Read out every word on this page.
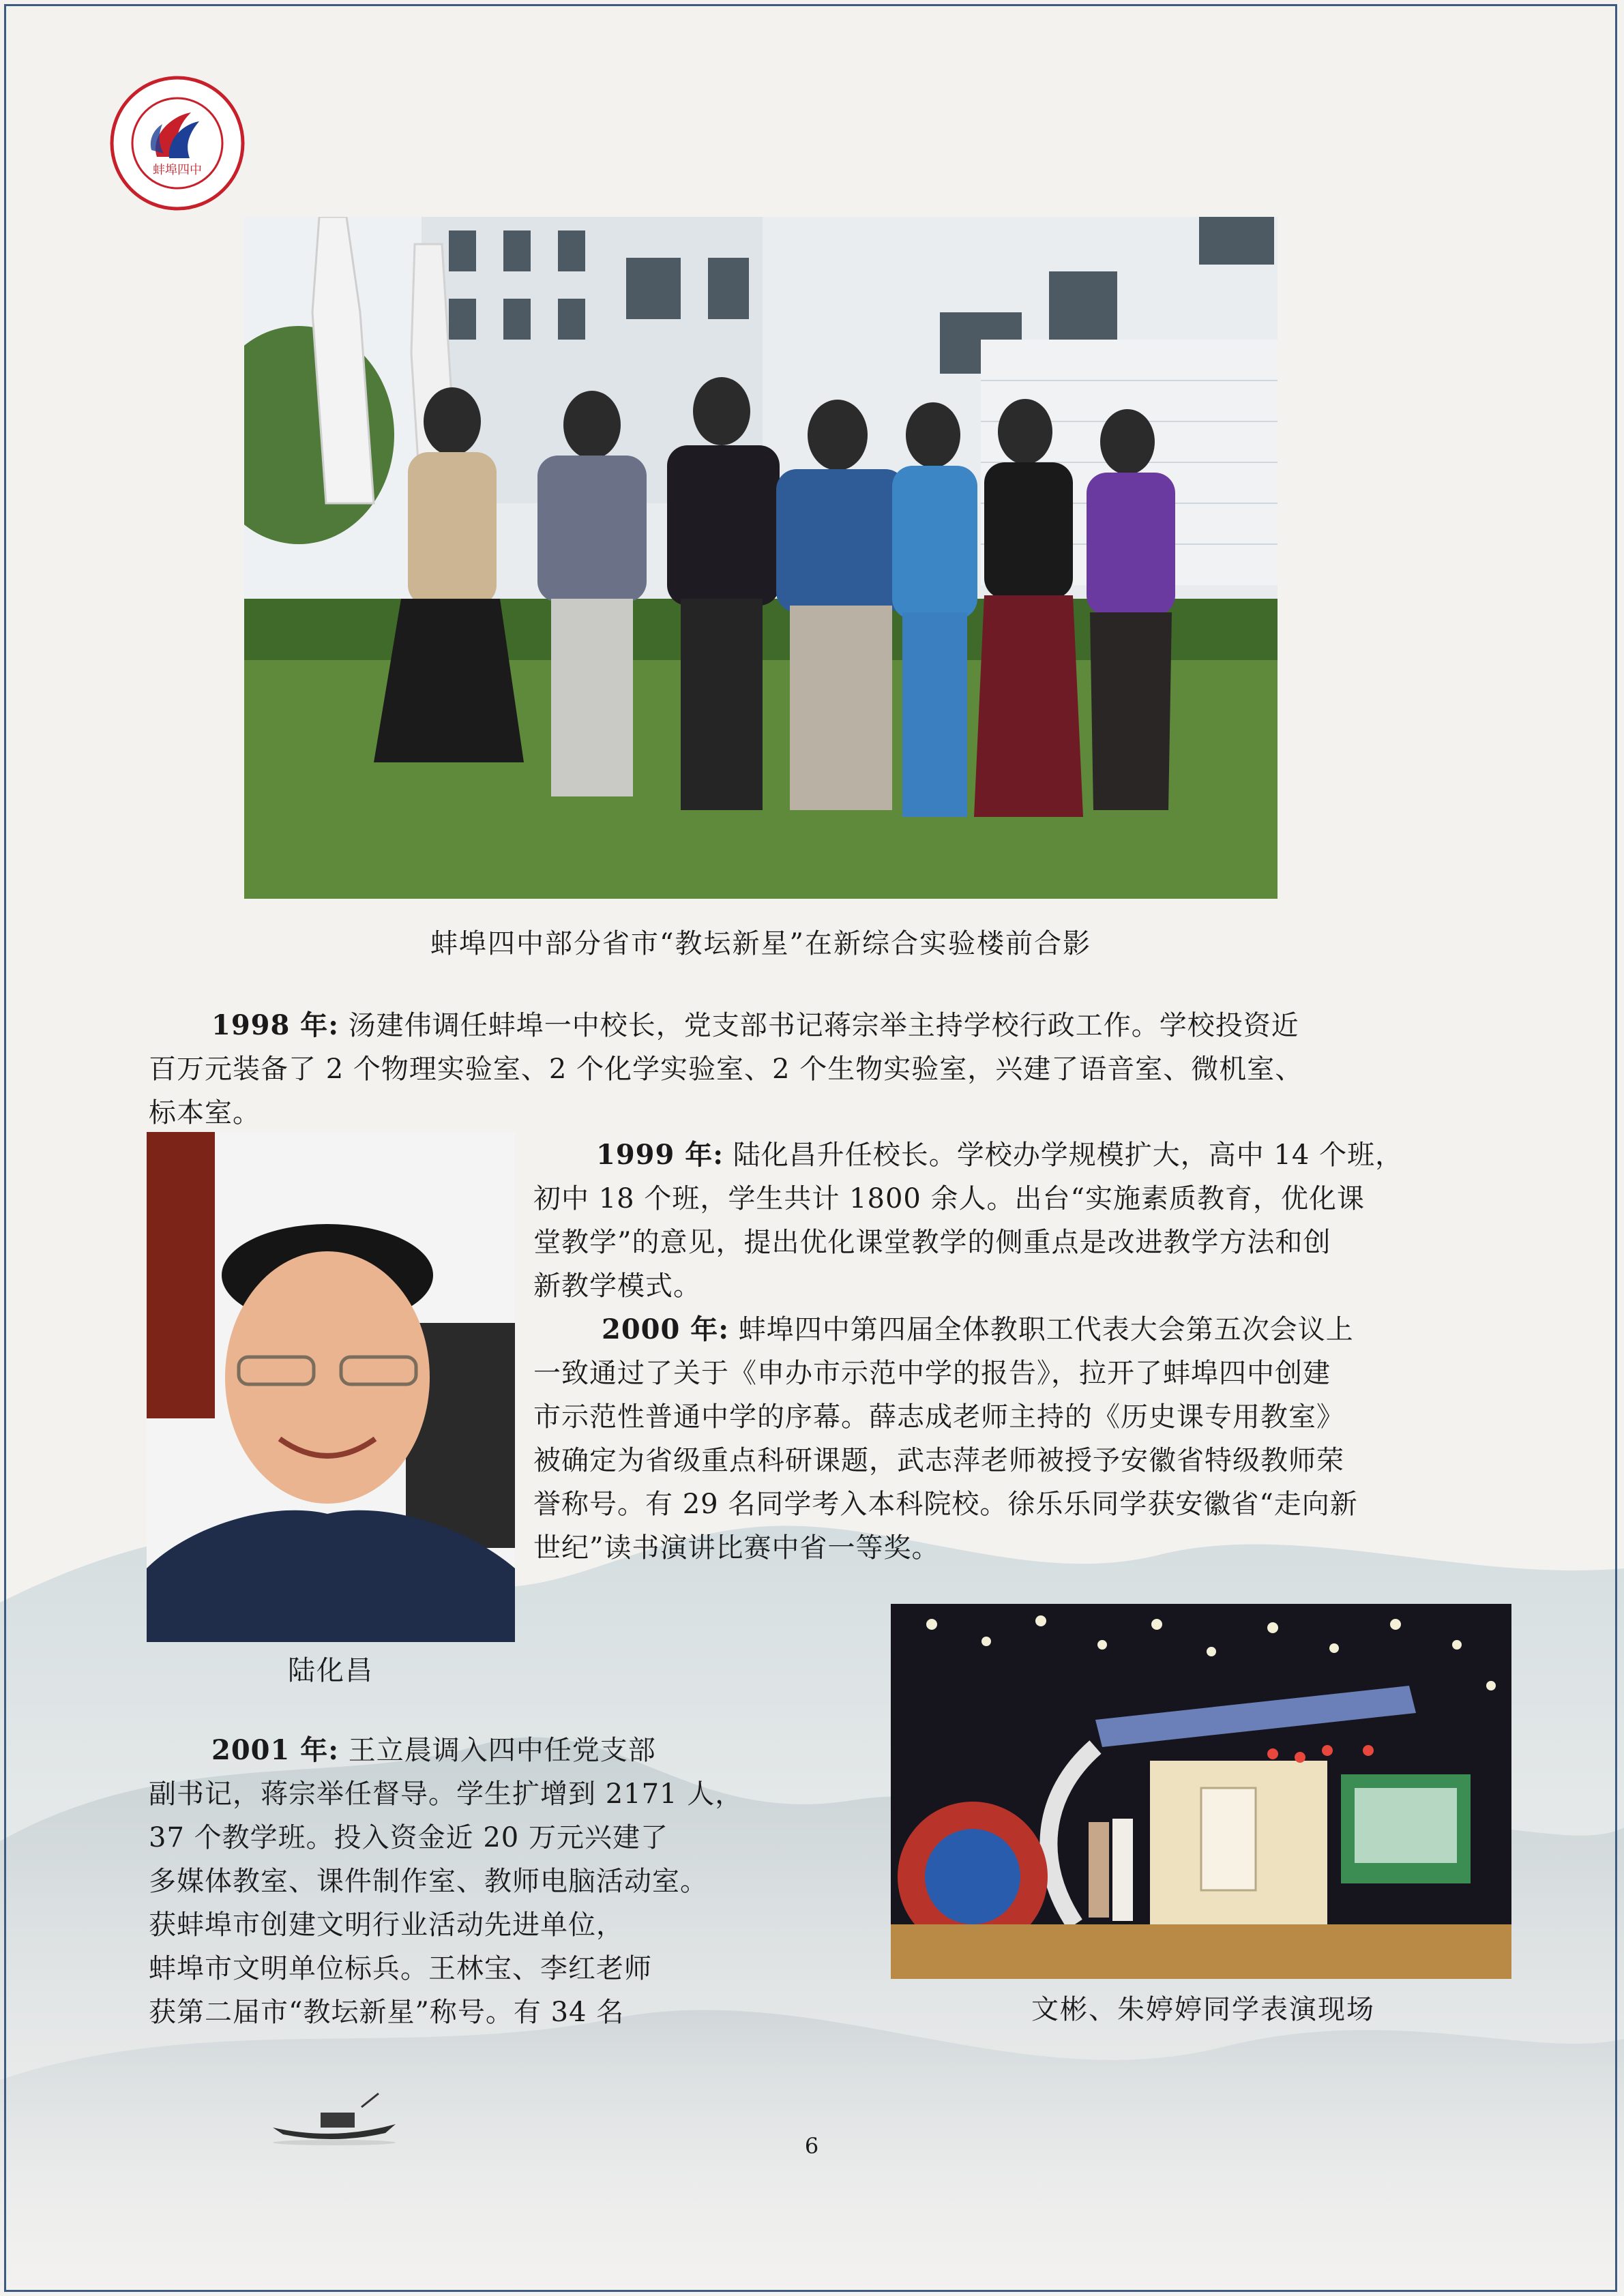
蚌埠四中
蚌埠四中部分省市“教坛新星”在新综合实验楼前合影
1998 年: 汤建伟调任蚌埠一中校长，党支部书记蒋宗举主持学校行政工作。学校投资近
百万元装备了 2 个物理实验室、2 个化学实验室、2 个生物实验室，兴建了语音室、微机室、
标本室。
陆化昌
1999 年: 陆化昌升任校长。学校办学规模扩大，高中 14 个班，
初中 18 个班，学生共计 1800 余人。出台“实施素质教育，优化课
堂教学”的意见，提出优化课堂教学的侧重点是改进教学方法和创
新教学模式。
2000 年: 蚌埠四中第四届全体教职工代表大会第五次会议上
一致通过了关于《申办市示范中学的报告》，拉开了蚌埠四中创建
市示范性普通中学的序幕。薛志成老师主持的《历史课专用教室》
被确定为省级重点科研课题，武志萍老师被授予安徽省特级教师荣
誉称号。有 29 名同学考入本科院校。徐乐乐同学获安徽省“走向新
世纪”读书演讲比赛中省一等奖。
2001 年: 王立晨调入四中任党支部
副书记，蒋宗举任督导。学生扩增到 2171 人，
37 个教学班。投入资金近 20 万元兴建了
多媒体教室、课件制作室、教师电脑活动室。
获蚌埠市创建文明行业活动先进单位，
蚌埠市文明单位标兵。王林宝、李红老师
获第二届市“教坛新星”称号。有 34 名	文彬、朱婷婷同学表演现场
6
